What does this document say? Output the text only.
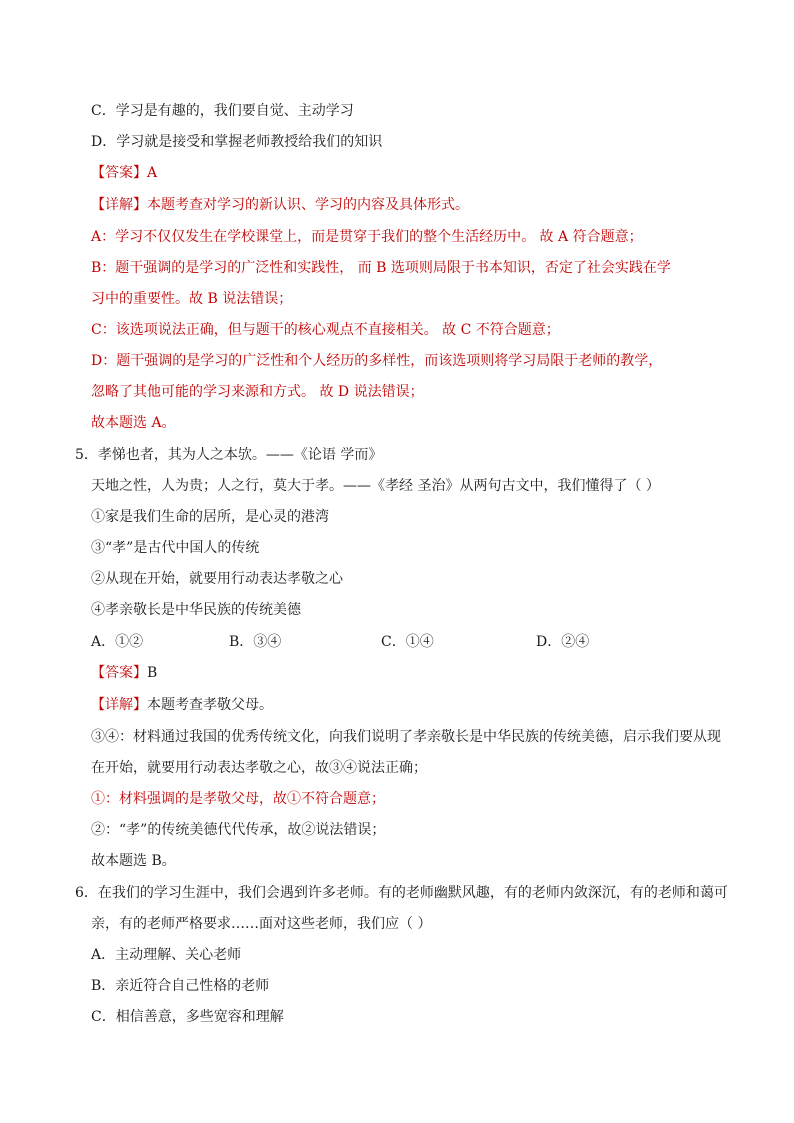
C．学习是有趣的，我们要自觉、主动学习
D．学习就是接受和掌握老师教授给我们的知识
【答案】A
【详解】本题考查对学习的新认识、学习的内容及具体形式。
A：学习不仅仅发生在学校课堂上，而是贯穿于我们的整个生活经历中。 故 A 符合题意；
B：题干强调的是学习的广泛性和实践性， 而 B 选项则局限于书本知识，否定了社会实践在学
习中的重要性。故 B 说法错误；
C：该选项说法正确，但与题干的核心观点不直接相关。 故 C 不符合题意；
D：题干强调的是学习的广泛性和个人经历的多样性，而该选项则将学习局限于老师的教学，
忽略了其他可能的学习来源和方式。 故 D 说法错误；
故本题选 A。
5．孝悌也者，其为人之本欤。——《论语 学而》
天地之性，人为贵；人之行，莫大于孝。——《孝经 圣治》从两句古文中，我们懂得了（ ）
①家是我们生命的居所，是心灵的港湾
③“孝”是古代中国人的传统
②从现在开始，就要用行动表达孝敬之心
④孝亲敬长是中华民族的传统美德
A．①②	B．③④	C．①④	D．②④
【答案】B
【详解】本题考查孝敬父母。
③④：材料通过我国的优秀传统文化，向我们说明了孝亲敬长是中华民族的传统美德，启示我们要从现
在开始，就要用行动表达孝敬之心，故③④说法正确；
①：材料强调的是孝敬父母，故①不符合题意；
②：“孝”的传统美德代代传承，故②说法错误；
故本题选 B。
6．在我们的学习生涯中，我们会遇到许多老师。有的老师幽默风趣，有的老师内敛深沉，有的老师和蔼可
亲，有的老师严格要求……面对这些老师，我们应（ ）
A．主动理解、关心老师
B．亲近符合自己性格的老师
C．相信善意，多些宽容和理解
